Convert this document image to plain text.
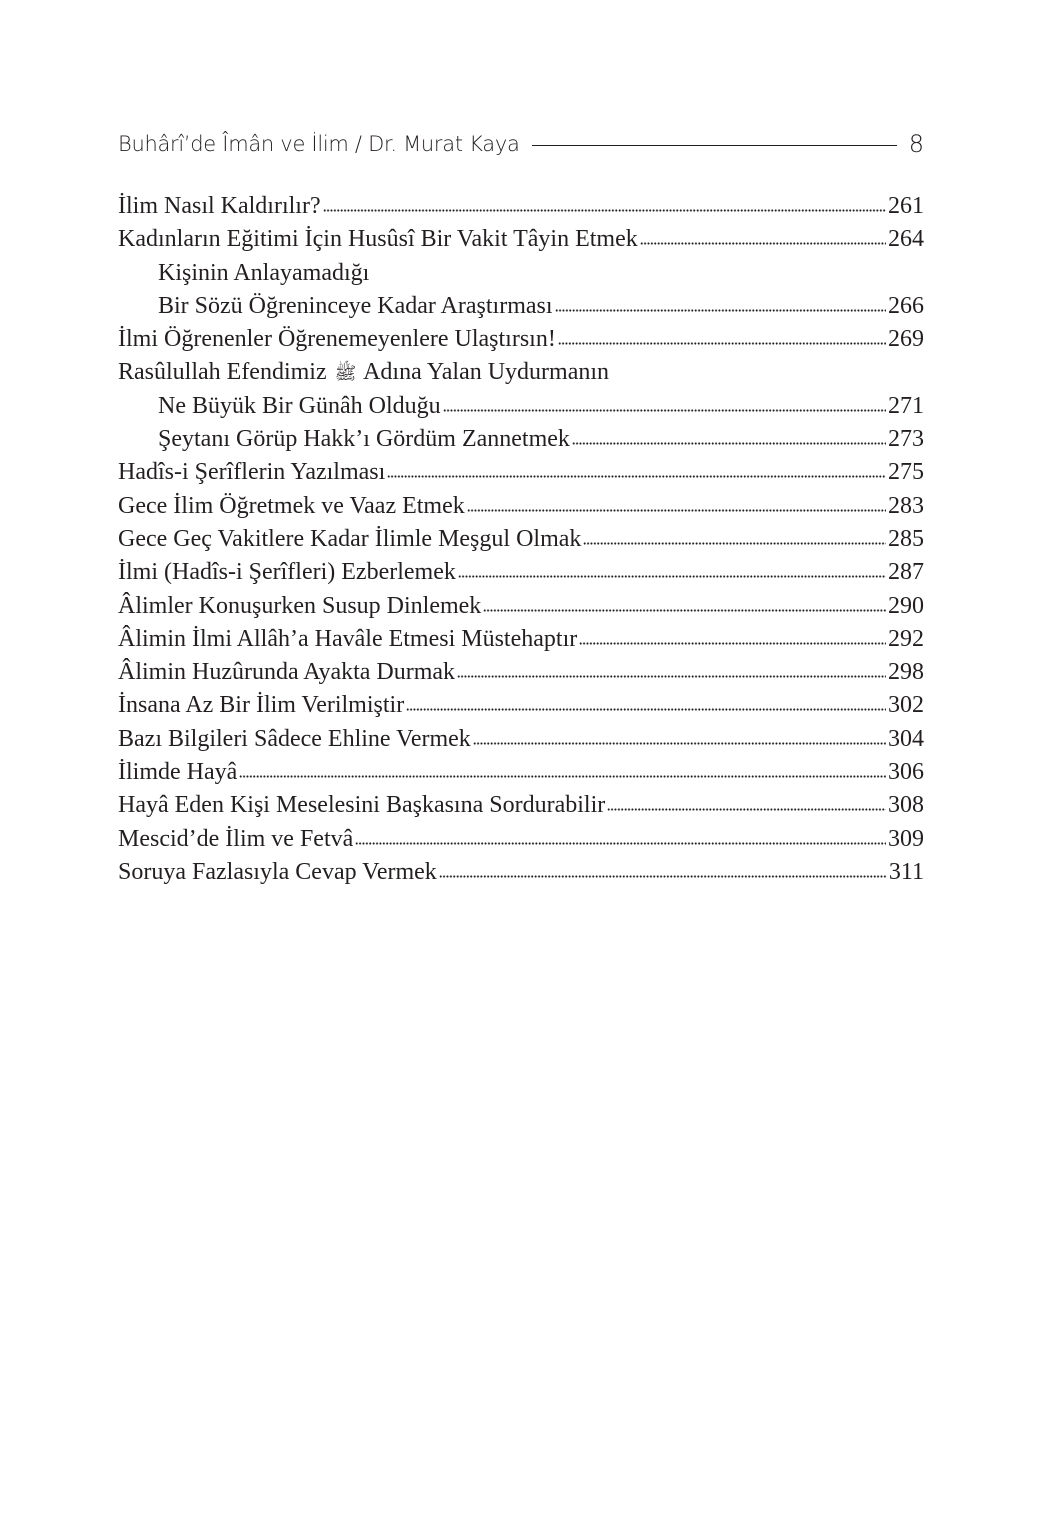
Buhârî’de Îmân ve İlim / Dr. Murat Kaya	8
İlim Nasıl Kaldırılır?	261
Kadınların Eğitimi İçin Husûsî Bir Vakit Tâyin Etmek	264
Kişinin Anlayamadığı
Bir Sözü Öğreninceye Kadar Araştırması	266
İlmi Öğrenenler Öğrenemeyenlere Ulaştırsın!	269
Rasûlullah Efendimiz ﷺ Adına Yalan Uydurmanın
Ne Büyük Bir Günâh Olduğu	271
Şeytanı Görüp Hakk’ı Gördüm Zannetmek	273
Hadîs-i Şerîflerin Yazılması	275
Gece İlim Öğretmek ve Vaaz Etmek	283
Gece Geç Vakitlere Kadar İlimle Meşgul Olmak	285
İlmi (Hadîs-i Şerîfleri) Ezberlemek	287
Âlimler Konuşurken Susup Dinlemek	290
Âlimin İlmi Allâh’a Havâle Etmesi Müstehaptır	292
Âlimin Huzûrunda Ayakta Durmak	298
İnsana Az Bir İlim Verilmiştir	302
Bazı Bilgileri Sâdece Ehline Vermek	304
İlimde Hayâ	306
Hayâ Eden Kişi Meselesini Başkasına Sordurabilir	308
Mescid’de İlim ve Fetvâ	309
Soruya Fazlasıyla Cevap Vermek	311
